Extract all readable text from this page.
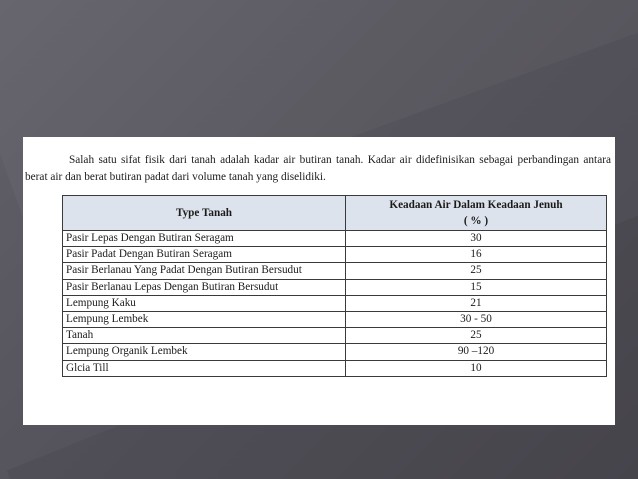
Salah satu sifat fisik dari tanah adalah kadar air butiran tanah. Kadar air didefinisikan sebagai perbandingan antara berat air dan berat butiran padat dari volume tanah yang diselidiki.

Type Tanah	Keadaan Air Dalam Keadaan Jenuh
( % )

Pasir Lepas Dengan Butiran Seragam	30
Pasir Padat Dengan Butiran Seragam	16
Pasir Berlanau Yang Padat Dengan Butiran Bersudut	25
Pasir Berlanau Lepas Dengan Butiran Bersudut	15
Lempung Kaku	21
Lempung Lembek	30 - 50
Tanah	25
Lempung Organik Lembek	90 –120
Glcia Till	10
